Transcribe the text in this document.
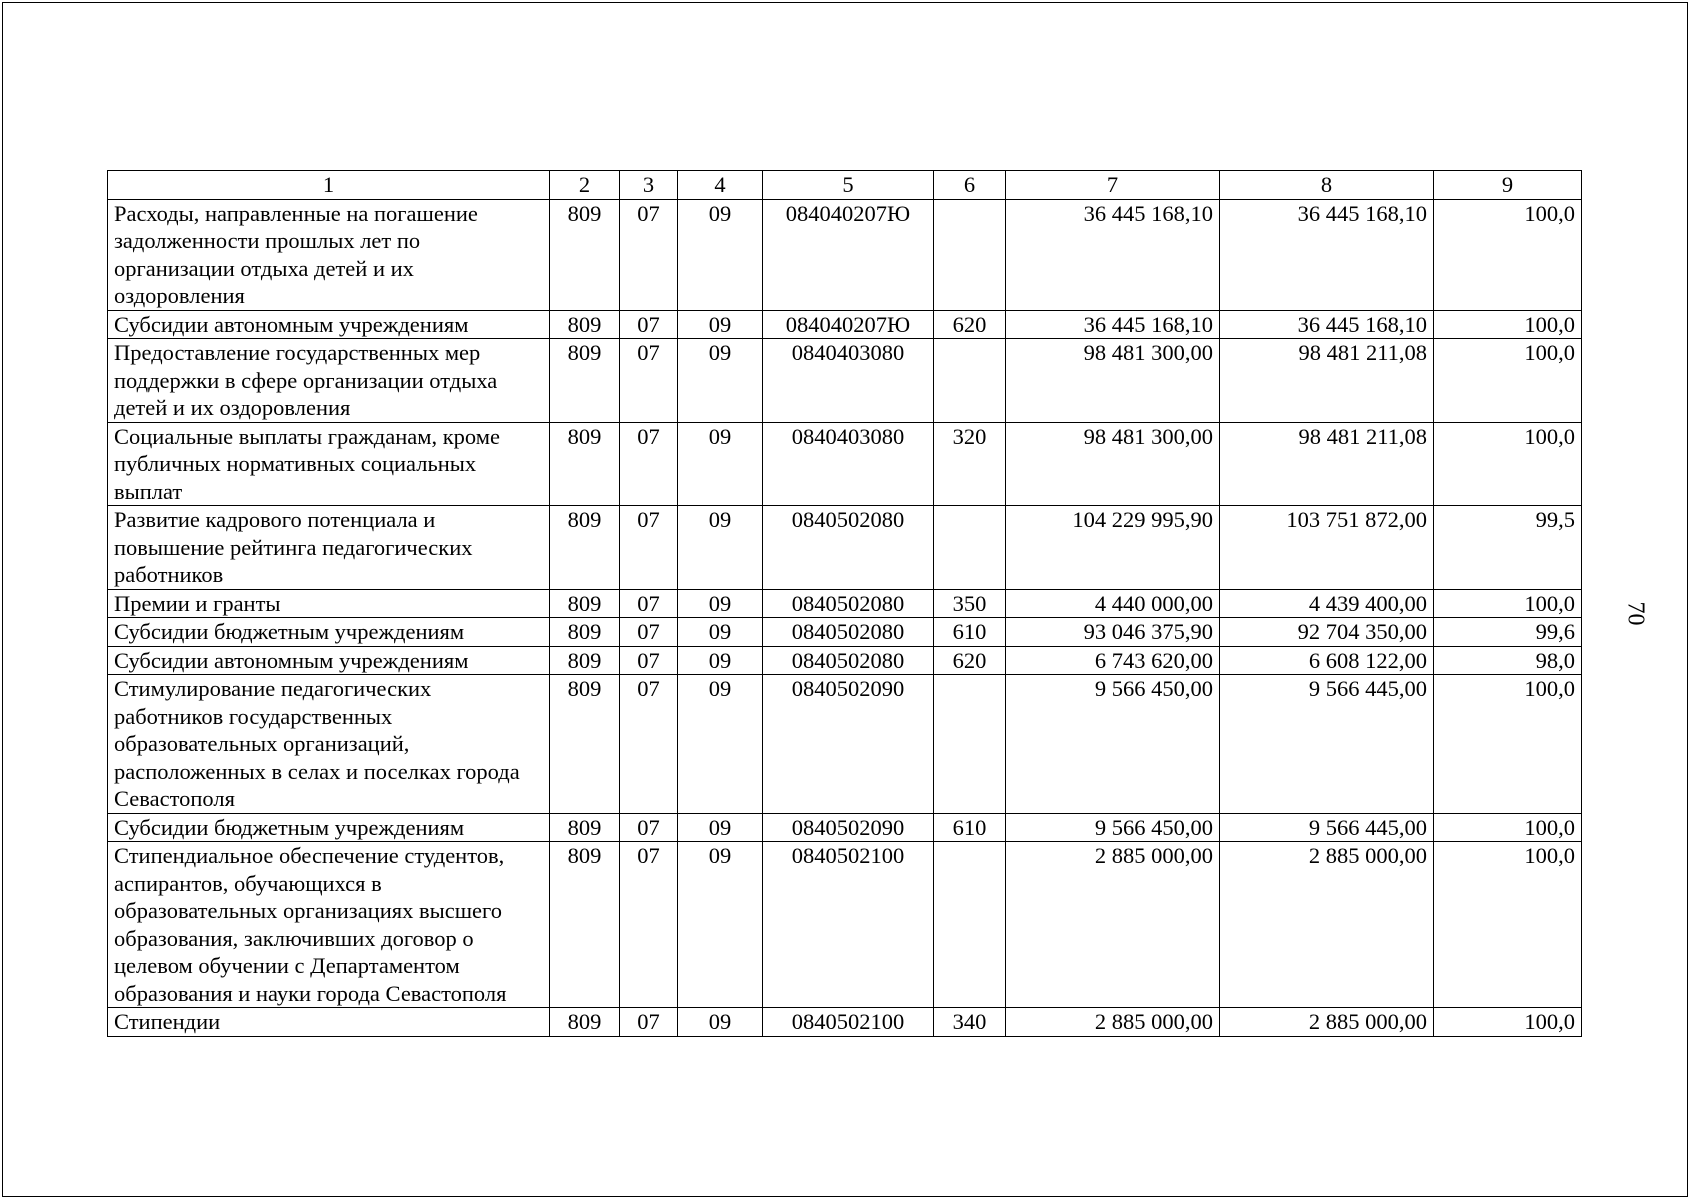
1	2	3	4	5	6	7	8	9
Расходы, направленные на погашение задолженности прошлых лет по организации отдыха детей и их оздоровления	809	07	09	084040207Ю		36 445 168,10	36 445 168,10	100,0
Субсидии автономным учреждениям	809	07	09	084040207Ю	620	36 445 168,10	36 445 168,10	100,0
Предоставление государственных мер поддержки в сфере организации отдыха детей и их оздоровления	809	07	09	0840403080		98 481 300,00	98 481 211,08	100,0
Социальные выплаты гражданам, кроме публичных нормативных социальных выплат	809	07	09	0840403080	320	98 481 300,00	98 481 211,08	100,0
Развитие кадрового потенциала и повышение рейтинга педагогических работников	809	07	09	0840502080		104 229 995,90	103 751 872,00	99,5
Премии и гранты	809	07	09	0840502080	350	4 440 000,00	4 439 400,00	100,0
Субсидии бюджетным учреждениям	809	07	09	0840502080	610	93 046 375,90	92 704 350,00	99,6
Субсидии автономным учреждениям	809	07	09	0840502080	620	6 743 620,00	6 608 122,00	98,0
Стимулирование педагогических работников государственных образовательных организаций, расположенных в селах и поселках города Севастополя	809	07	09	0840502090		9 566 450,00	9 566 445,00	100,0
Субсидии бюджетным учреждениям	809	07	09	0840502090	610	9 566 450,00	9 566 445,00	100,0
Стипендиальное обеспечение студентов, аспирантов, обучающихся в образовательных организациях высшего образования, заключивших договор о целевом обучении с Департаментом образования и науки города Севастополя	809	07	09	0840502100		2 885 000,00	2 885 000,00	100,0
Стипендии	809	07	09	0840502100	340	2 885 000,00	2 885 000,00	100,0
70
